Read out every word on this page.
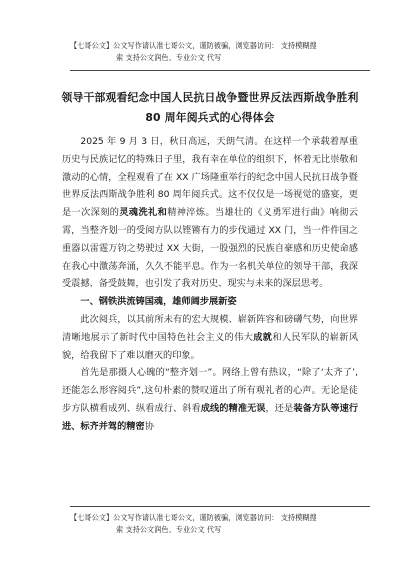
【七哥公文】公文写作请认准七哥公文，谨防被骗，浏览器访问： 支持模糊搜
索 支持公文润色、专业公文 代写
领导干部观看纪念中国人民抗日战争暨世界反法西斯战争胜利
80 周年阅兵式的心得体会

2025 年 9 月 3 日，秋日高远，天朗气清。在这样一个承载着厚重历史与民族记忆的特殊日子里，我有幸在单位的组织下，怀着无比崇敬和激动的心情，全程观看了在 XX 广场隆重举行的纪念中国人民抗日战争暨世界反法西斯战争胜利 80 周年阅兵式。这不仅仅是一场视觉的盛宴，更是一次深刻的灵魂洗礼和精神淬炼。当雄壮的《义勇军进行曲》响彻云霄，当整齐划一的受阅方队以铿锵有力的步伐通过 XX 门，当一件件国之重器以雷霆万钧之势驶过 XX 大街，一股强烈的民族自豪感和历史使命感在我心中激荡奔涌，久久不能平息。作为一名机关单位的领导干部，我深受震撼、备受鼓舞，也引发了我对历史、现实与未来的深层思考。

一、钢铁洪流铸国魂，雄师阔步展新姿

此次阅兵，以其前所未有的宏大规模、崭新阵容和磅礴气势，向世界清晰地展示了新时代中国特色社会主义的伟大成就和人民军队的崭新风貌，给我留下了难以磨灭的印象。

首先是那摄人心魄的“整齐划一”。网络上曾有热议，“除了‘太齐了’,还能怎么形容阅兵”,这句朴素的赞叹道出了所有观礼者的心声。无论是徒步方队横看成列、纵看成行、斜看成线的精准无误，还是装备方队等速行进、标齐并驾的精密协

【七哥公文】公文写作请认准七哥公文，谨防被骗，浏览器访问： 支持模糊搜
索 支持公文润色、专业公文 代写
